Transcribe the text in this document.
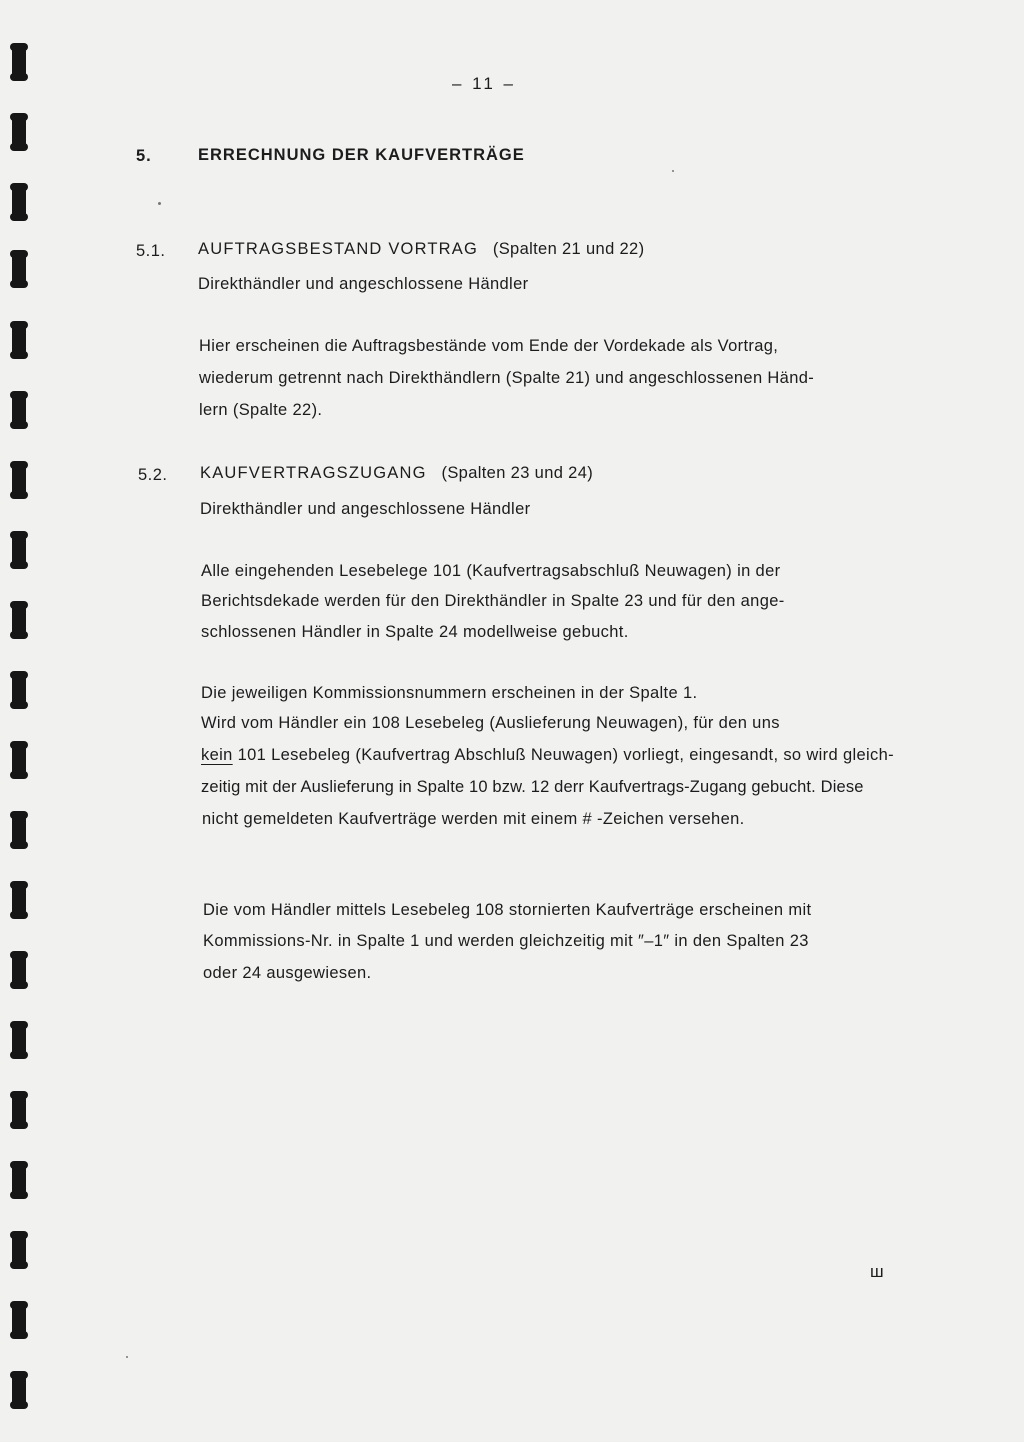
– 11 –
5.	ERRECHNUNG DER KAUFVERTRÄGE
5.1. AUFTRAGSBESTAND VORTRAG (Spalten 21 und 22)
Direkthändler und angeschlossene Händler
Hier erscheinen die Auftragsbestände vom Ende der Vordekade als Vortrag,
wiederum getrennt nach Direkthändlern (Spalte 21) und angeschlossenen Händ-
lern (Spalte 22).
5.2. KAUFVERTRAGSZUGANG (Spalten 23 und 24)
Direkthändler und angeschlossene Händler
Alle eingehenden Lesebelege 101 (Kaufvertragsabschluß Neuwagen) in der
Berichtsdekade werden für den Direkthändler in Spalte 23 und für den ange-
schlossenen Händler in Spalte 24 modellweise gebucht.
Die jeweiligen Kommissionsnummern erscheinen in der Spalte 1.
Wird vom Händler ein 108 Lesebeleg (Auslieferung Neuwagen), für den uns
kein 101 Lesebeleg (Kaufvertrag Abschluß Neuwagen) vorliegt, eingesandt, so wird gleich-
zeitig mit der Auslieferung in Spalte 10 bzw. 12 derr Kaufvertrags-Zugang gebucht. Diese
nicht gemeldeten Kaufverträge werden mit einem # -Zeichen versehen.
Die vom Händler mittels Lesebeleg 108 stornierten Kaufverträge erscheinen mit
Kommissions-Nr. in Spalte 1 und werden gleichzeitig mit ″–1″ in den Spalten 23
oder 24 ausgewiesen.
ш
